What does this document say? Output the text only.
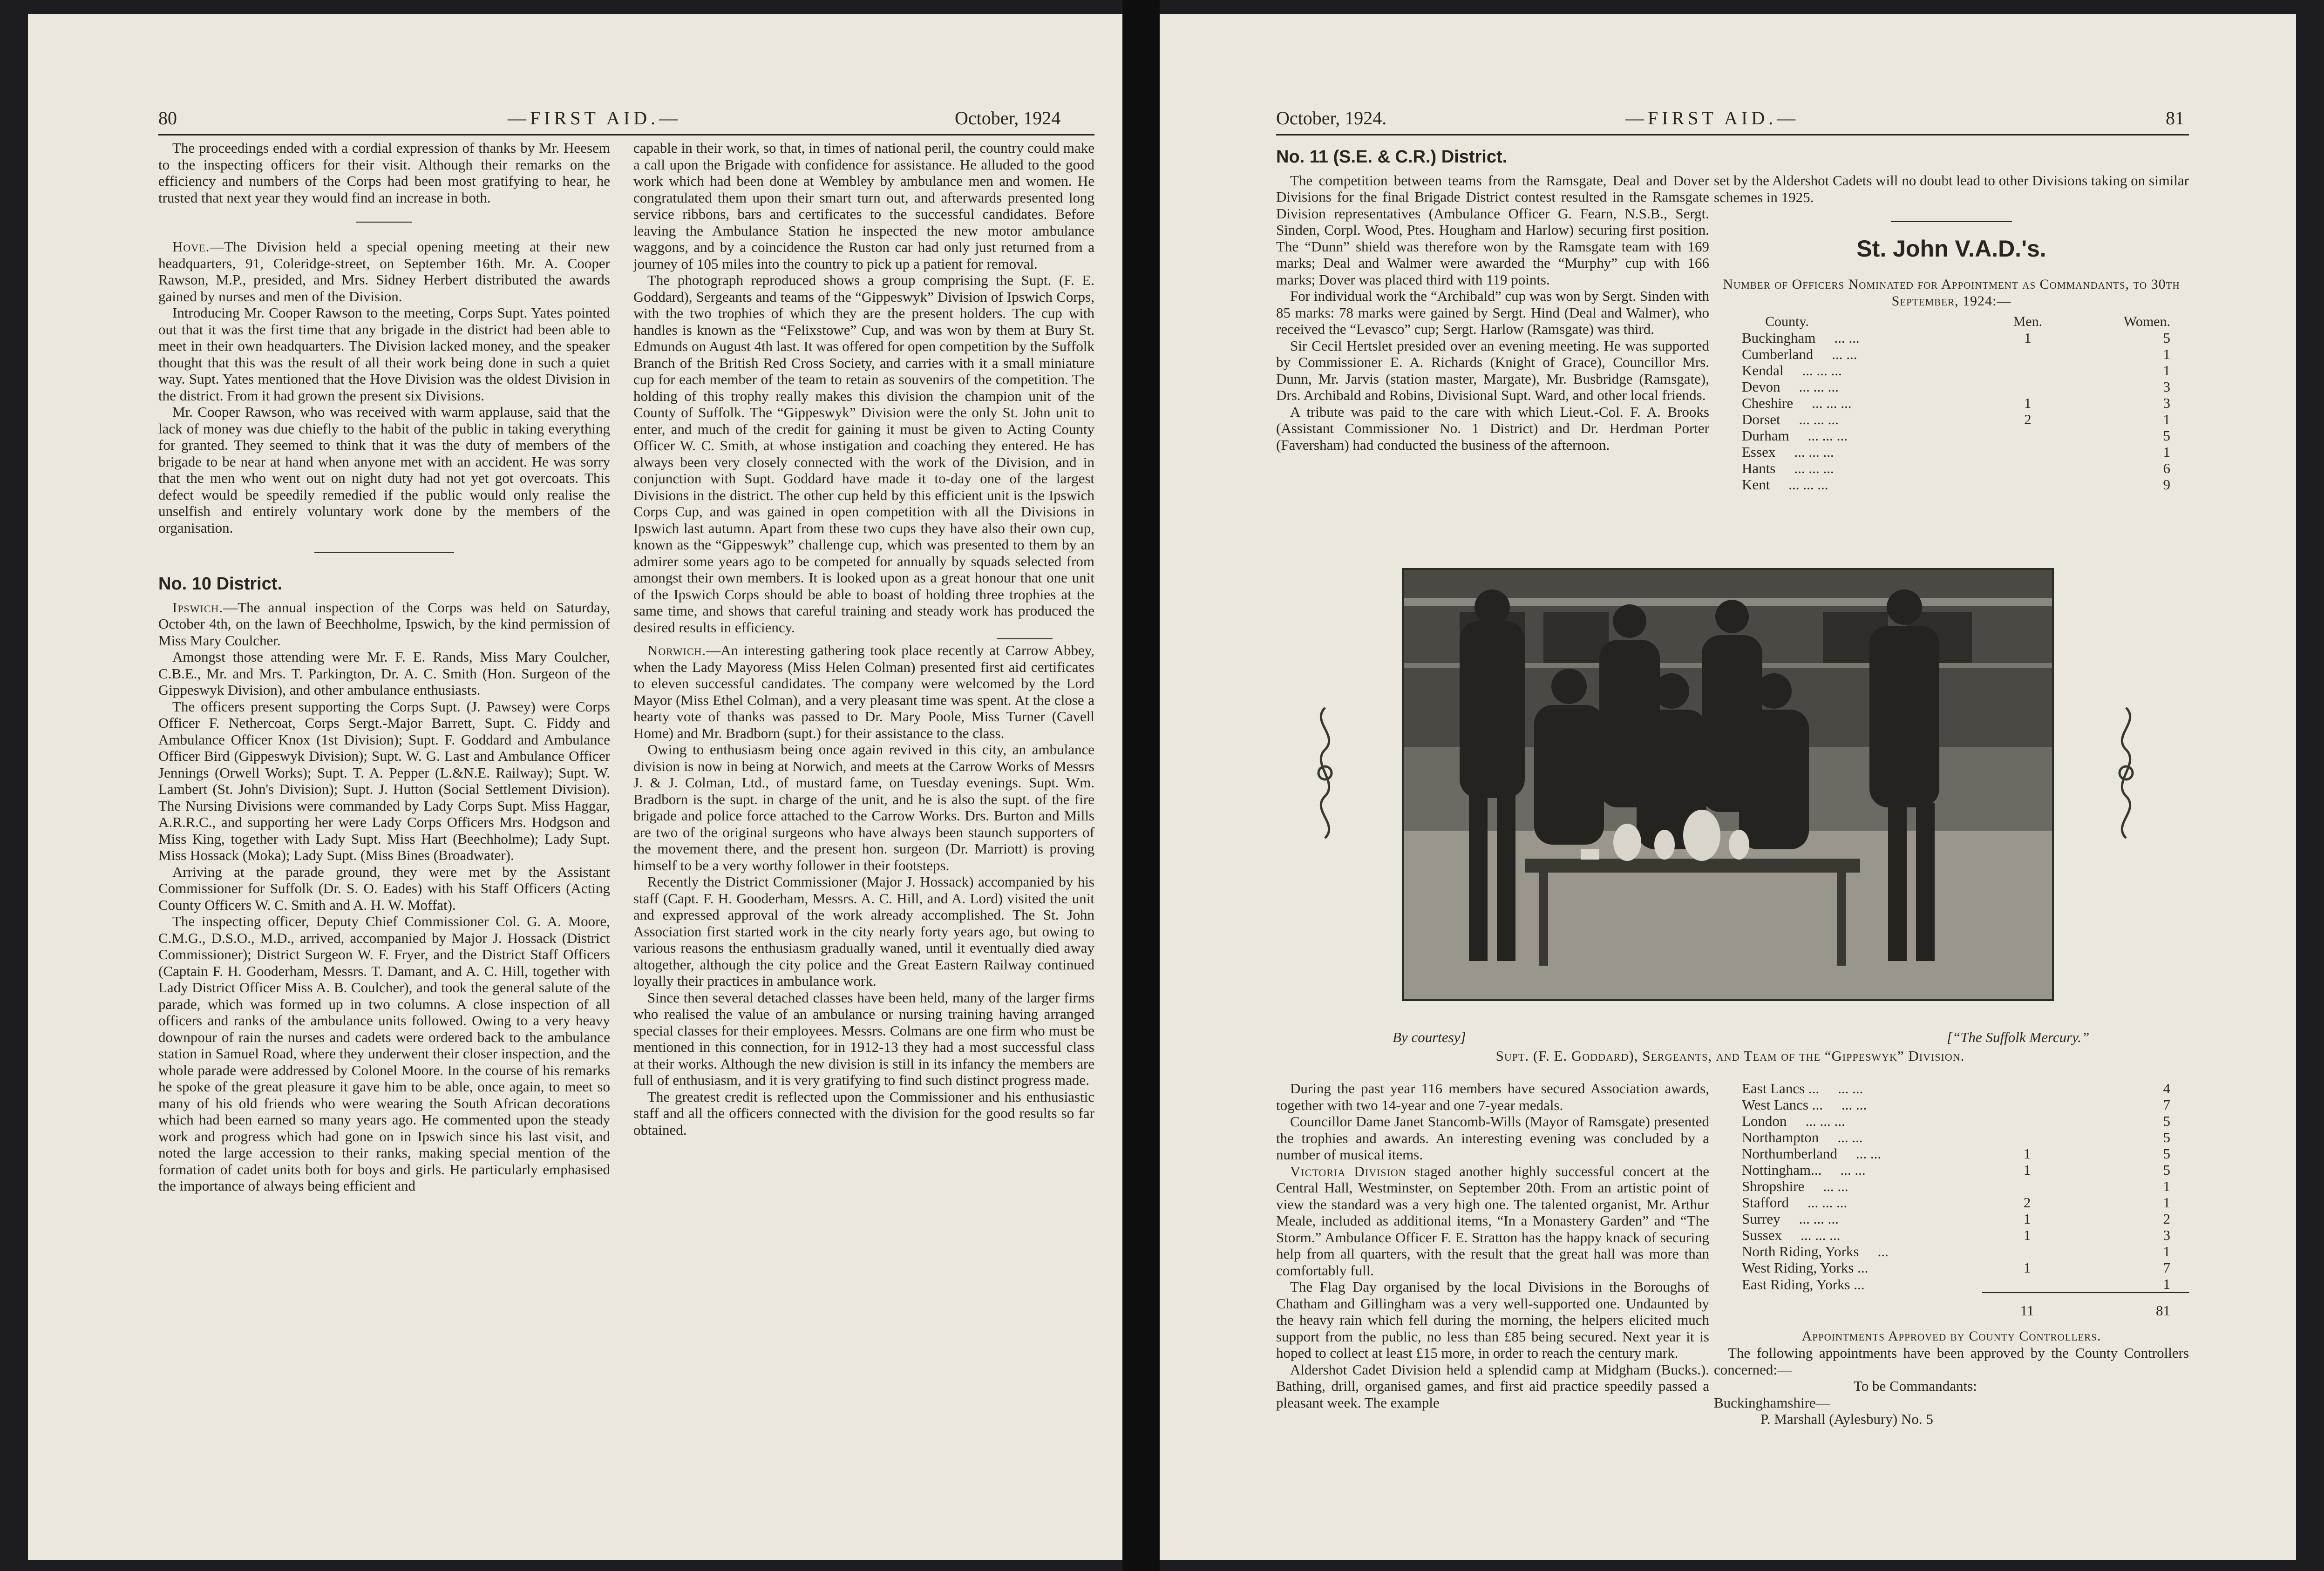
80	—FIRST AID.—	October, 1924

The proceedings ended with a cordial expression of thanks by Mr. Heesem to the inspecting officers for their visit. Although their remarks on the efficiency and numbers of the Corps had been most gratifying to hear, he trusted that next year they would find an increase in both.

Hove.—The Division held a special opening meeting at their new headquarters, 91, Coleridge-street, on September 16th. Mr. A. Cooper Rawson, M.P., presided, and Mrs. Sidney Herbert distributed the awards gained by nurses and men of the Division.

Introducing Mr. Cooper Rawson to the meeting, Corps Supt. Yates pointed out that it was the first time that any brigade in the district had been able to meet in their own headquarters. The Division lacked money, and the speaker thought that this was the result of all their work being done in such a quiet way. Supt. Yates mentioned that the Hove Division was the oldest Division in the district. From it had grown the present six Divisions.

Mr. Cooper Rawson, who was received with warm applause, said that the lack of money was due chiefly to the habit of the public in taking everything for granted. They seemed to think that it was the duty of members of the brigade to be near at hand when anyone met with an accident. He was sorry that the men who went out on night duty had not yet got overcoats. This defect would be speedily remedied if the public would only realise the unselfish and entirely voluntary work done by the members of the organisation.

No. 10 District.

Ipswich.—The annual inspection of the Corps was held on Saturday, October 4th, on the lawn of Beechholme, Ipswich, by the kind permission of Miss Mary Coulcher.

Amongst those attending were Mr. F. E. Rands, Miss Mary Coulcher, C.B.E., Mr. and Mrs. T. Parkington, Dr. A. C. Smith (Hon. Surgeon of the Gippeswyk Division), and other ambulance enthusiasts.

The officers present supporting the Corps Supt. (J. Pawsey) were Corps Officer F. Nethercoat, Corps Sergt.-Major Barrett, Supt. C. Fiddy and Ambulance Officer Knox (1st Division); Supt. F. Goddard and Ambulance Officer Bird (Gippeswyk Division); Supt. W. G. Last and Ambulance Officer Jennings (Orwell Works); Supt. T. A. Pepper (L.&N.E. Railway); Supt. W. Lambert (St. John's Division); Supt. J. Hutton (Social Settlement Division). The Nursing Divisions were commanded by Lady Corps Supt. Miss Haggar, A.R.R.C., and supporting her were Lady Corps Officers Mrs. Hodgson and Miss King, together with Lady Supt. Miss Hart (Beechholme); Lady Supt. Miss Hossack (Moka); Lady Supt. (Miss Bines (Broadwater).

Arriving at the parade ground, they were met by the Assistant Commissioner for Suffolk (Dr. S. O. Eades) with his Staff Officers (Acting County Officers W. C. Smith and A. H. W. Moffat).

The inspecting officer, Deputy Chief Commissioner Col. G. A. Moore, C.M.G., D.S.O., M.D., arrived, accompanied by Major J. Hossack (District Commissioner); District Surgeon W. F. Fryer, and the District Staff Officers (Captain F. H. Gooderham, Messrs. T. Damant, and A. C. Hill, together with Lady District Officer Miss A. B. Coulcher), and took the general salute of the parade, which was formed up in two columns. A close inspection of all officers and ranks of the ambulance units followed. Owing to a very heavy downpour of rain the nurses and cadets were ordered back to the ambulance station in Samuel Road, where they underwent their closer inspection, and the whole parade were addressed by Colonel Moore. In the course of his remarks he spoke of the great pleasure it gave him to be able, once again, to meet so many of his old friends who were wearing the South African decorations which had been earned so many years ago. He commented upon the steady work and progress which had gone on in Ipswich since his last visit, and noted the large accession to their ranks, making special mention of the formation of cadet units both for boys and girls. He particularly emphasised the importance of always being efficient and

capable in their work, so that, in times of national peril, the country could make a call upon the Brigade with confidence for assistance. He alluded to the good work which had been done at Wembley by ambulance men and women. He congratulated them upon their smart turn out, and afterwards presented long service ribbons, bars and certificates to the successful candidates. Before leaving the Ambulance Station he inspected the new motor ambulance waggons, and by a coincidence the Ruston car had only just returned from a journey of 105 miles into the country to pick up a patient for removal.

The photograph reproduced shows a group comprising the Supt. (F. E. Goddard), Sergeants and teams of the “Gippeswyk” Division of Ipswich Corps, with the two trophies of which they are the present holders. The cup with handles is known as the “Felixstowe” Cup, and was won by them at Bury St. Edmunds on August 4th last. It was offered for open competition by the Suffolk Branch of the British Red Cross Society, and carries with it a small miniature cup for each member of the team to retain as souvenirs of the competition. The holding of this trophy really makes this division the champion unit of the County of Suffolk. The “Gippeswyk” Division were the only St. John unit to enter, and much of the credit for gaining it must be given to Acting County Officer W. C. Smith, at whose instigation and coaching they entered. He has always been very closely connected with the work of the Division, and in conjunction with Supt. Goddard have made it to-day one of the largest Divisions in the district. The other cup held by this efficient unit is the Ipswich Corps Cup, and was gained in open competition with all the Divisions in Ipswich last autumn. Apart from these two cups they have also their own cup, known as the “Gippeswyk” challenge cup, which was presented to them by an admirer some years ago to be competed for annually by squads selected from amongst their own members. It is looked upon as a great honour that one unit of the Ipswich Corps should be able to boast of holding three trophies at the same time, and shows that careful training and steady work has produced the desired results in efficiency.

Norwich.—An interesting gathering took place recently at Carrow Abbey, when the Lady Mayoress (Miss Helen Colman) presented first aid certificates to eleven successful candidates. The company were welcomed by the Lord Mayor (Miss Ethel Colman), and a very pleasant time was spent. At the close a hearty vote of thanks was passed to Dr. Mary Poole, Miss Turner (Cavell Home) and Mr. Bradborn (supt.) for their assistance to the class.

Owing to enthusiasm being once again revived in this city, an ambulance division is now in being at Norwich, and meets at the Carrow Works of Messrs J. & J. Colman, Ltd., of mustard fame, on Tuesday evenings. Supt. Wm. Bradborn is the supt. in charge of the unit, and he is also the supt. of the fire brigade and police force attached to the Carrow Works. Drs. Burton and Mills are two of the original surgeons who have always been staunch supporters of the movement there, and the present hon. surgeon (Dr. Marriott) is proving himself to be a very worthy follower in their footsteps.

Recently the District Commissioner (Major J. Hossack) accompanied by his staff (Capt. F. H. Gooderham, Messrs. A. C. Hill, and A. Lord) visited the unit and expressed approval of the work already accomplished. The St. John Association first started work in the city nearly forty years ago, but owing to various reasons the enthusiasm gradually waned, until it eventually died away altogether, although the city police and the Great Eastern Railway continued loyally their practices in ambulance work.

Since then several detached classes have been held, many of the larger firms who realised the value of an ambulance or nursing training having arranged special classes for their employees. Messrs. Colmans are one firm who must be mentioned in this connection, for in 1912-13 they had a most successful class at their works. Although the new division is still in its infancy the members are full of enthusiasm, and it is very gratifying to find such distinct progress made.

The greatest credit is reflected upon the Commissioner and his enthusiastic staff and all the officers connected with the division for the good results so far obtained.

October, 1924.	—FIRST AID.—	81
No. 11 (S.E. & C.R.) District.

The competition between teams from the Ramsgate, Deal and Dover Divisions for the final Brigade District contest resulted in the Ramsgate Division representatives (Ambulance Officer G. Fearn, N.S.B., Sergt. Sinden, Corpl. Wood, Ptes. Hougham and Harlow) securing first position. The “Dunn” shield was therefore won by the Ramsgate team with 169 marks; Deal and Walmer were awarded the “Murphy” cup with 166 marks; Dover was placed third with 119 points.

For individual work the “Archibald” cup was won by Sergt. Sinden with 85 marks: 78 marks were gained by Sergt. Hind (Deal and Walmer), who received the “Levasco” cup; Sergt. Harlow (Ramsgate) was third.

Sir Cecil Hertslet presided over an evening meeting. He was supported by Commissioner E. A. Richards (Knight of Grace), Councillor Mrs. Dunn, Mr. Jarvis (station master, Margate), Mr. Busbridge (Ramsgate), Drs. Archibald and Robins, Divisional Supt. Ward, and other local friends.

A tribute was paid to the care with which Lieut.-Col. F. A. Brooks (Assistant Commissioner No. 1 District) and Dr. Herdman Porter (Faversham) had conducted the business of the afternoon.

set by the Aldershot Cadets will no doubt lead to other Divisions taking on similar schemes in 1925.

St. John V.A.D.'s.
Number of Officers Nominated for Appointment as Commandants, to 30th September, 1924:—
County.	Men.	Women.
Buckingham ... ...	1	5
Cumberland ... ...		1
Kendal ... ... ...		1
Devon ... ... ...		3
Cheshire ... ... ...	1	3
Dorset ... ... ...	2	1
Durham ... ... ...		5
Essex ... ... ...		1
Hants ... ... ...		6
Kent ... ... ...		9
By courtesy]	[“The Suffolk Mercury.”
Supt. (F. E. Goddard), Sergeants, and Team of the “Gippeswyk” Division.

During the past year 116 members have secured Association awards, together with two 14-year and one 7-year medals.

Councillor Dame Janet Stancomb-Wills (Mayor of Ramsgate) presented the trophies and awards. An interesting evening was concluded by a number of musical items.

Victoria Division staged another highly successful concert at the Central Hall, Westminster, on September 20th. From an artistic point of view the standard was a very high one. The talented organist, Mr. Arthur Meale, included as additional items, “In a Monastery Garden” and “The Storm.” Ambulance Officer F. E. Stratton has the happy knack of securing help from all quarters, with the result that the great hall was more than comfortably full.

The Flag Day organised by the local Divisions in the Boroughs of Chatham and Gillingham was a very well-supported one. Undaunted by the heavy rain which fell during the morning, the helpers elicited much support from the public, no less than £85 being secured. Next year it is hoped to collect at least £15 more, in order to reach the century mark.

Aldershot Cadet Division held a splendid camp at Midgham (Bucks.). Bathing, drill, organised games, and first aid practice speedily passed a pleasant week. The example

East Lancs ... ... ...		4
West Lancs ... ... ...		7
London ... ... ...		5
Northampton ... ...		5
Northumberland ... ...	1	5
Nottingham... ... ...	1	5
Shropshire ... ...		1
Stafford ... ... ...	2	1
Surrey ... ... ...	1	2
Sussex ... ... ...	1	3
North Riding, Yorks ...		1
West Riding, Yorks ...	1	7
East Riding, Yorks ...		1
	11	81
Appointments Approved by County Controllers.

The following appointments have been approved by the County Controllers concerned:—

To be Commandants:

Buckinghamshire—

P. Marshall (Aylesbury) No. 5
